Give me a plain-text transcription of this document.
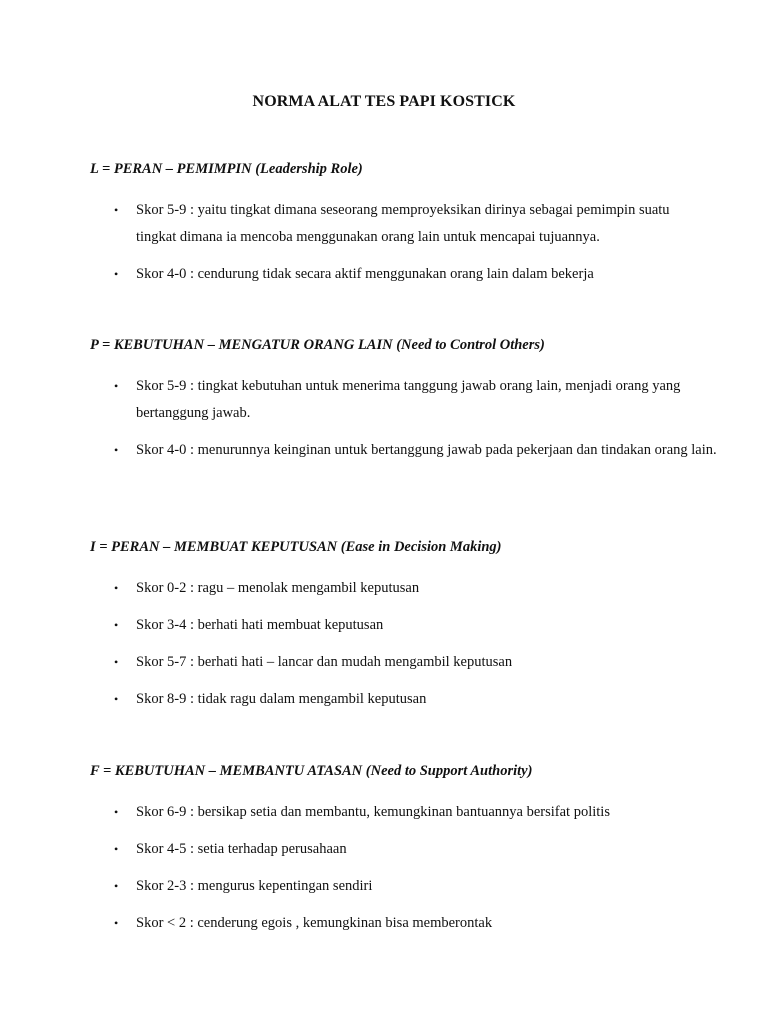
NORMA ALAT TES PAPI KOSTICK

L = PERAN – PEMIMPIN (Leadership Role)

• Skor 5-9 : yaitu tingkat dimana seseorang memproyeksikan dirinya sebagai pemimpin suatu tingkat dimana ia mencoba menggunakan orang lain untuk mencapai tujuannya.
• Skor 4-0 : cendurung tidak secara aktif menggunakan orang lain dalam bekerja

P = KEBUTUHAN – MENGATUR ORANG LAIN (Need to Control Others)

• Skor 5-9 : tingkat kebutuhan untuk menerima tanggung jawab orang lain, menjadi orang yang bertanggung jawab.
• Skor 4-0 : menurunnya keinginan untuk bertanggung jawab pada pekerjaan dan tindakan orang lain.

I = PERAN – MEMBUAT KEPUTUSAN (Ease in Decision Making)

• Skor 0-2 : ragu – menolak mengambil keputusan
• Skor 3-4 : berhati hati membuat keputusan
• Skor 5-7 : berhati hati – lancar dan mudah mengambil keputusan
• Skor 8-9 : tidak ragu dalam mengambil keputusan

F = KEBUTUHAN – MEMBANTU ATASAN (Need to Support Authority)

• Skor 6-9 : bersikap setia dan membantu, kemungkinan bantuannya bersifat politis
• Skor 4-5 : setia terhadap perusahaan
• Skor 2-3 : mengurus kepentingan sendiri
• Skor < 2 : cenderung egois , kemungkinan bisa memberontak
